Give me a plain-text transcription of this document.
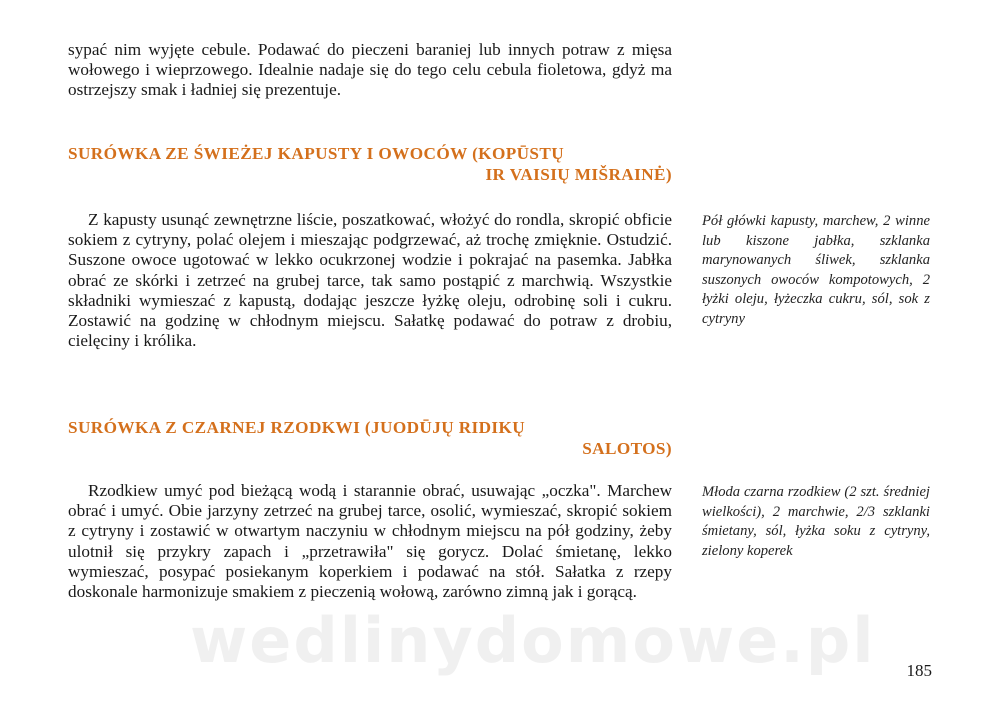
sypać nim wyjęte cebule. Podawać do pieczeni baraniej lub innych potraw z mięsa wołowego i wieprzowego. Idealnie nadaje się do tego celu cebula fioletowa, gdyż ma ostrzejszy smak i ładniej się prezentuje.

SURÓWKA ZE ŚWIEŻEJ KAPUSTY I OWOCÓW (KOPŪSTŲ
IR VAISIŲ MIŠRAINĖ)

Z kapusty usunąć zewnętrzne liście, poszatkować, włożyć do rondla, skropić obficie sokiem z cytryny, polać olejem i mieszając podgrzewać, aż trochę zmięknie. Ostudzić. Suszone owoce ugotować w lekko ocukrzonej wodzie i pokrajać na pasemka. Jabłka obrać ze skórki i zetrzeć na grubej tarce, tak samo postąpić z marchwią. Wszystkie składniki wymieszać z kapustą, dodając jeszcze łyżkę oleju, odrobinę soli i cukru. Zostawić na godzinę w chłodnym miejscu. Sałatkę podawać do potraw z drobiu, cielęciny i królika.

Pół główki kapusty, marchew, 2 winne lub kiszone jabłka, szklanka marynowanych śliwek, szklanka suszonych owoców kompotowych, 2 łyżki oleju, łyżeczka cukru, sól, sok z cytryny

SURÓWKA Z CZARNEJ RZODKWI (JUODŪJŲ RIDIKŲ
SALOTOS)

Rzodkiew umyć pod bieżącą wodą i starannie obrać, usuwając „oczka". Marchew obrać i umyć. Obie jarzyny zetrzeć na grubej tarce, osolić, wymieszać, skropić sokiem z cytryny i zostawić w otwartym naczyniu w chłodnym miejscu na pół godziny, żeby ulotnił się przykry zapach i „przetrawiła" się gorycz. Dolać śmietanę, lekko wymieszać, posypać posiekanym koperkiem i podawać na stół. Sałatka z rzepy doskonale harmonizuje smakiem z pieczenią wołową, zarówno zimną jak i gorącą.

Młoda czarna rzodkiew (2 szt. średniej wielkości), 2 marchwie, 2/3 szklanki śmietany, sól, łyżka soku z cytryny, zielony koperek

wedlinydomowe.pl	185
